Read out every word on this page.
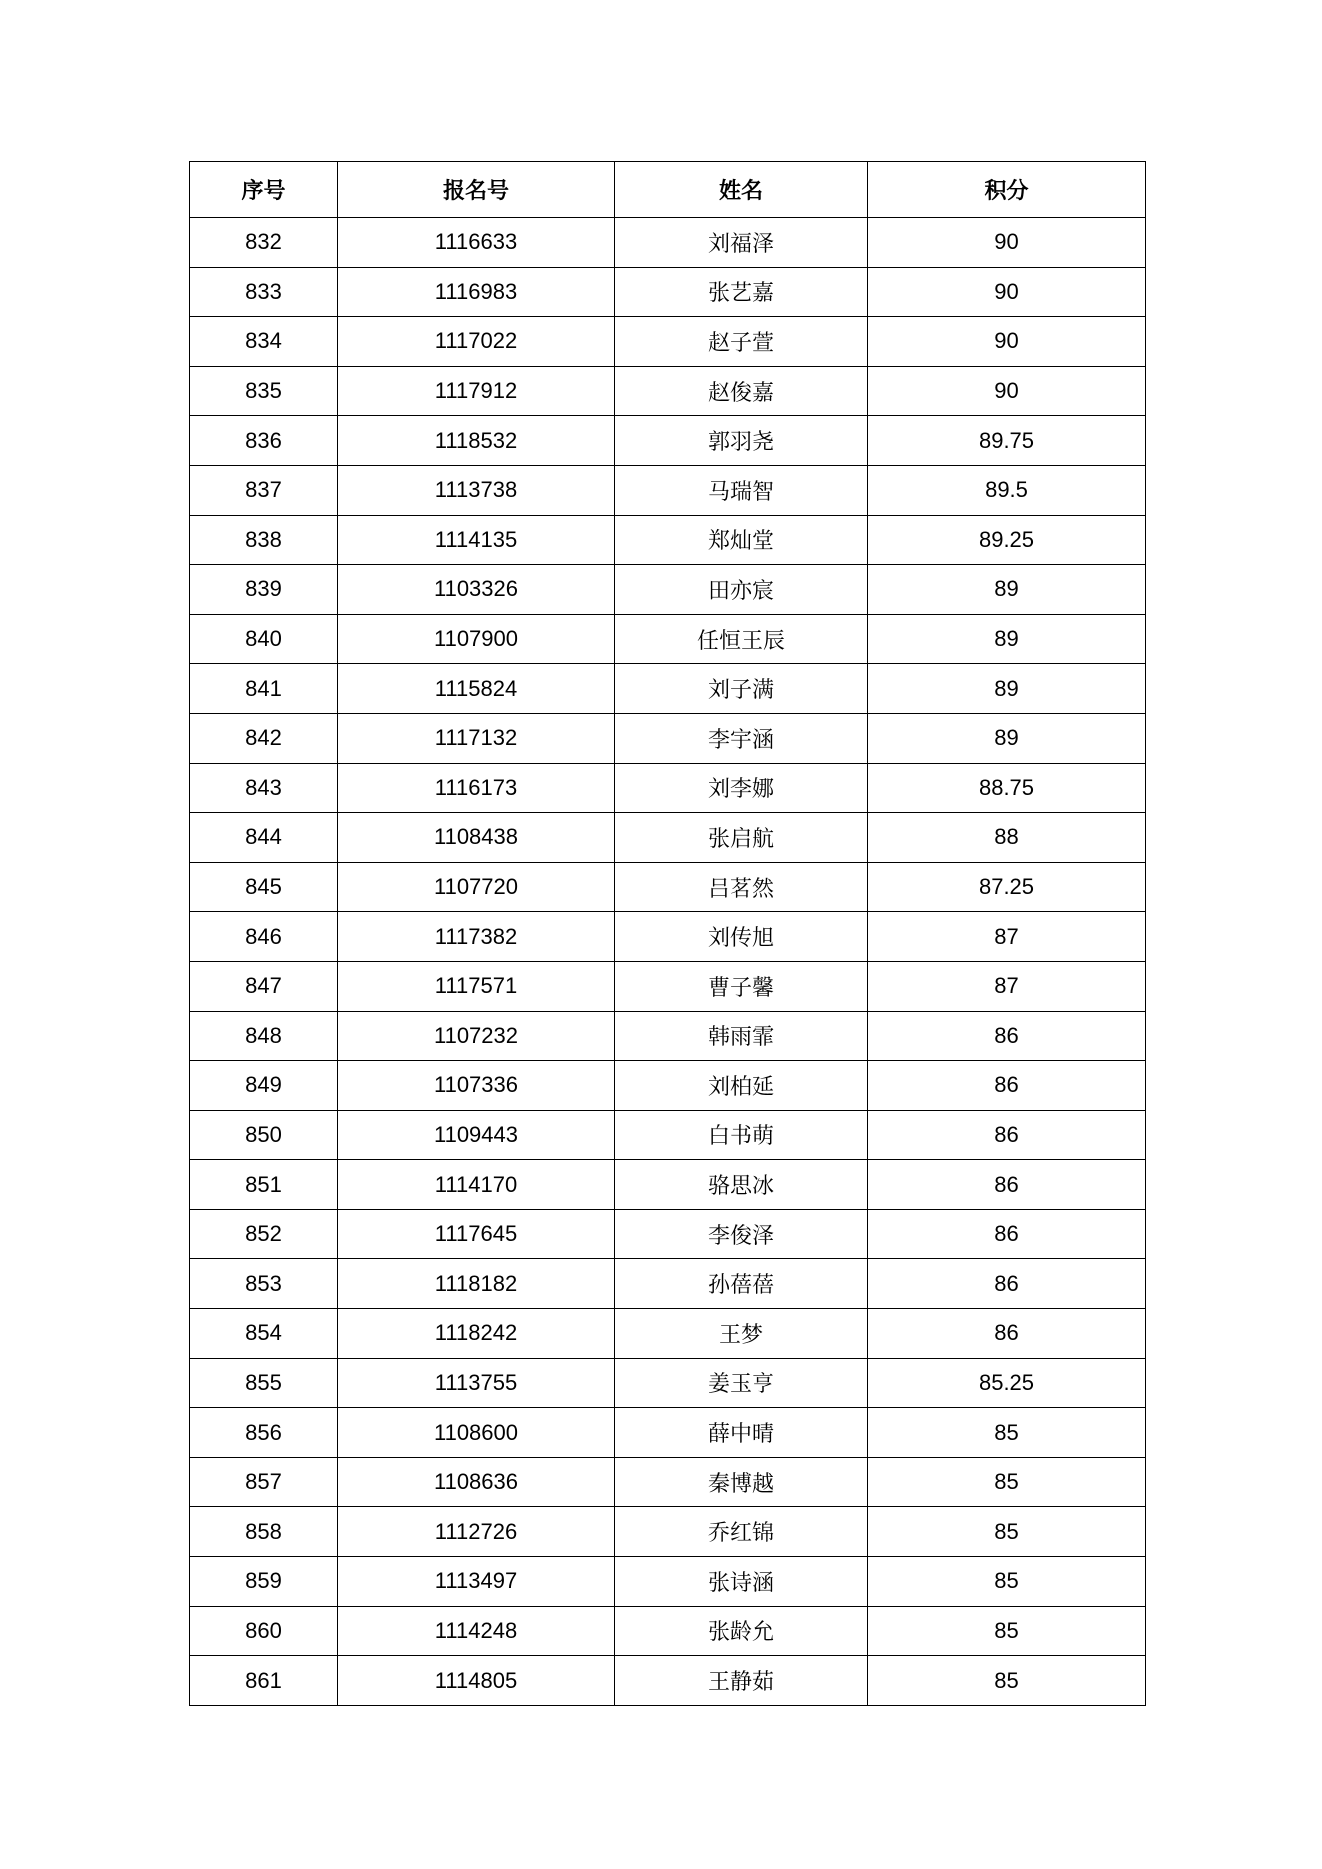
序号	报名号	姓名	积分
832	1116633	刘福泽	90
833	1116983	张艺嘉	90
834	1117022	赵子萱	90
835	1117912	赵俊嘉	90
836	1118532	郭羽尧	89.75
837	1113738	马瑞智	89.5
838	1114135	郑灿堂	89.25
839	1103326	田亦宸	89
840	1107900	任恒王辰	89
841	1115824	刘子满	89
842	1117132	李宇涵	89
843	1116173	刘李娜	88.75
844	1108438	张启航	88
845	1107720	吕茗然	87.25
846	1117382	刘传旭	87
847	1117571	曹子馨	87
848	1107232	韩雨霏	86
849	1107336	刘柏延	86
850	1109443	白书萌	86
851	1114170	骆思冰	86
852	1117645	李俊泽	86
853	1118182	孙蓓蓓	86
854	1118242	王梦	86
855	1113755	姜玉亨	85.25
856	1108600	薛中晴	85
857	1108636	秦博越	85
858	1112726	乔红锦	85
859	1113497	张诗涵	85
860	1114248	张龄允	85
861	1114805	王静茹	85
